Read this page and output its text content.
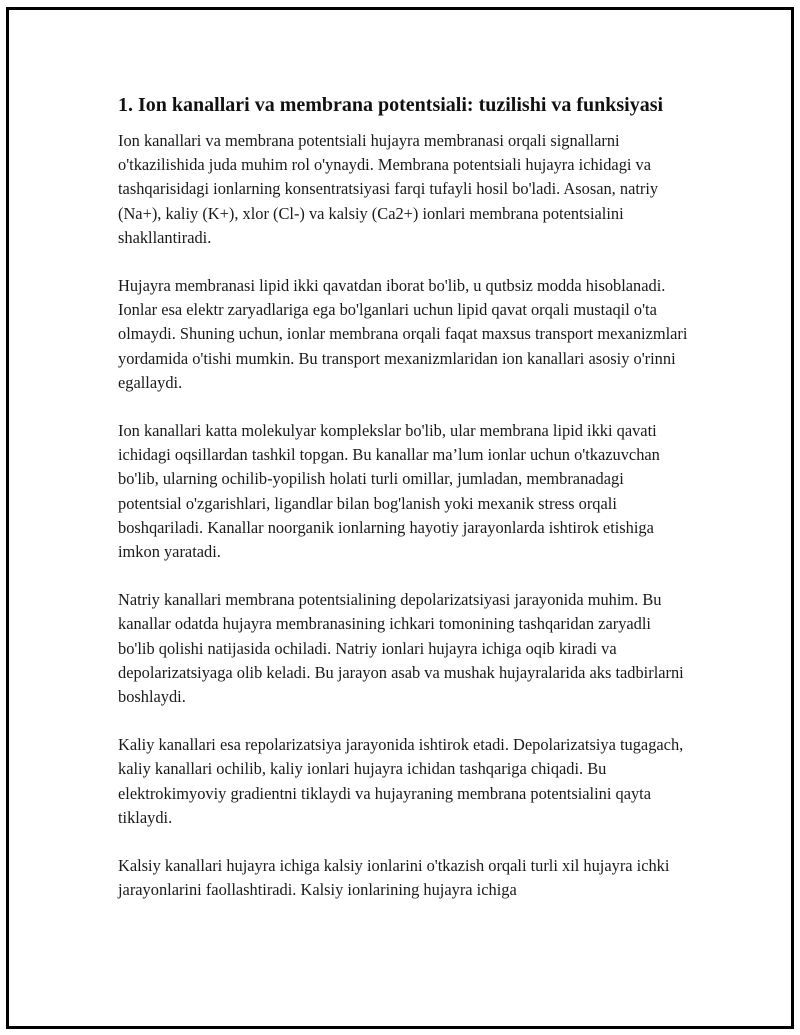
1. Ion kanallari va membrana potentsiali: tuzilishi va funksiyasi

Ion kanallari va membrana potentsiali hujayra membranasi orqali signallarni o'tkazilishida juda muhim rol o'ynaydi. Membrana potentsiali hujayra ichidagi va tashqarisidagi ionlarning konsentratsiyasi farqi tufayli hosil bo'ladi. Asosan, natriy (Na+), kaliy (K+), xlor (Cl-) va kalsiy (Ca2+) ionlari membrana potentsialini shakllantiradi.

Hujayra membranasi lipid ikki qavatdan iborat bo'lib, u qutbsiz modda hisoblanadi. Ionlar esa elektr zaryadlariga ega bo'lganlari uchun lipid qavat orqali mustaqil o'ta olmaydi. Shuning uchun, ionlar membrana orqali faqat maxsus transport mexanizmlari yordamida o'tishi mumkin. Bu transport mexanizmlaridan ion kanallari asosiy o'rinni egallaydi.

Ion kanallari katta molekulyar komplekslar bo'lib, ular membrana lipid ikki qavati ichidagi oqsillardan tashkil topgan. Bu kanallar ma’lum ionlar uchun o'tkazuvchan bo'lib, ularning ochilib-yopilish holati turli omillar, jumladan, membranadagi potentsial o'zgarishlari, ligandlar bilan bog'lanish yoki mexanik stress orqali boshqariladi. Kanallar noorganik ionlarning hayotiy jarayonlarda ishtirok etishiga imkon yaratadi.

Natriy kanallari membrana potentsialining depolarizatsiyasi jarayonida muhim. Bu kanallar odatda hujayra membranasining ichkari tomonining tashqaridan zaryadli bo'lib qolishi natijasida ochiladi. Natriy ionlari hujayra ichiga oqib kiradi va depolarizatsiyaga olib keladi. Bu jarayon asab va mushak hujayralarida aks tadbirlarni boshlaydi.

Kaliy kanallari esa repolarizatsiya jarayonida ishtirok etadi. Depolarizatsiya tugagach, kaliy kanallari ochilib, kaliy ionlari hujayra ichidan tashqariga chiqadi. Bu elektrokimyoviy gradientni tiklaydi va hujayraning membrana potentsialini qayta tiklaydi.

Kalsiy kanallari hujayra ichiga kalsiy ionlarini o'tkazish orqali turli xil hujayra ichki jarayonlarini faollashtiradi. Kalsiy ionlarining hujayra ichiga
